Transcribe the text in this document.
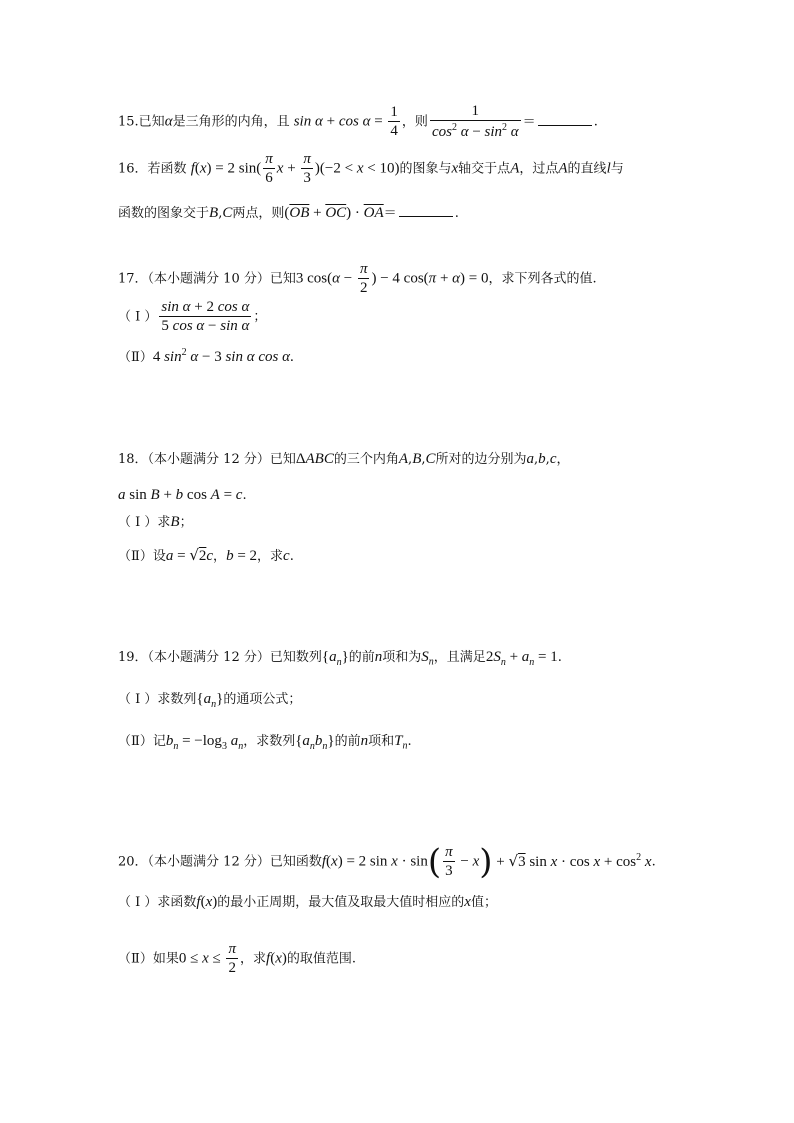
15.已知α是三角形的内角，且 $\sin \alpha + \cos \alpha = \frac{1}{4}$ ，则 $\frac{1}{\cos^2 \alpha - \sin^2 \alpha}$ ＝	.
16．若函数 f(x) = 2 $\sin( \frac{\pi}{6}$ $x + \frac{\pi}{3} )(-2 < x < 10)$的图象与x轴交于点A，过点A的直线l与
函数的图象交于B,C两点，则$(\overline{OB} + \overline{OC}) \cdot \overline{OA}=$	.
17．（本小题满分 10 分）已知3 $\cos(\alpha - \frac{\pi}{2}$ ) − 4 cos(π + α) = 0，求下列各式的值.
（ I ） $\frac{\text{sin α + 2 cos α}}{\text{5 cos α − sin α}}$ ；
（Ⅱ）4 $\sin^2 \alpha - 3$ sin α cos α.
18．（本小题满分 12 分）已知ΔABC的三个内角A,B,C所对的边分别为a,b,c，
a sin B + b cos A = c.
（ I ）求B；
（Ⅱ）设a = √2c，b = 2，求c.
19．（本小题满分 12 分）已知数列$\{a_n\}$的前n项和为$S_n$，且满足$2S_n + a_n = 1$.
（ I ）求数列$\{a_n\}$的通项公式；
（Ⅱ）记$b_n = -\log_3$ $a_n$，求数列$\{a_nb_n\}$的前n项和$T_n$.
20．（本小题满分 12 分）已知函数f(x) = 2 $\sin x \cdot \sin( \frac{\pi}{3} - x) + √3$ $\sin x \cdot \cos x + \cos^2 x$.
（ I ）求函数f(x)的最小正周期，最大值及取最大值时相应的x值；
（Ⅱ）如果$0 \le x \le \frac{\pi}{2}$ ，求f(x)的取值范围.
